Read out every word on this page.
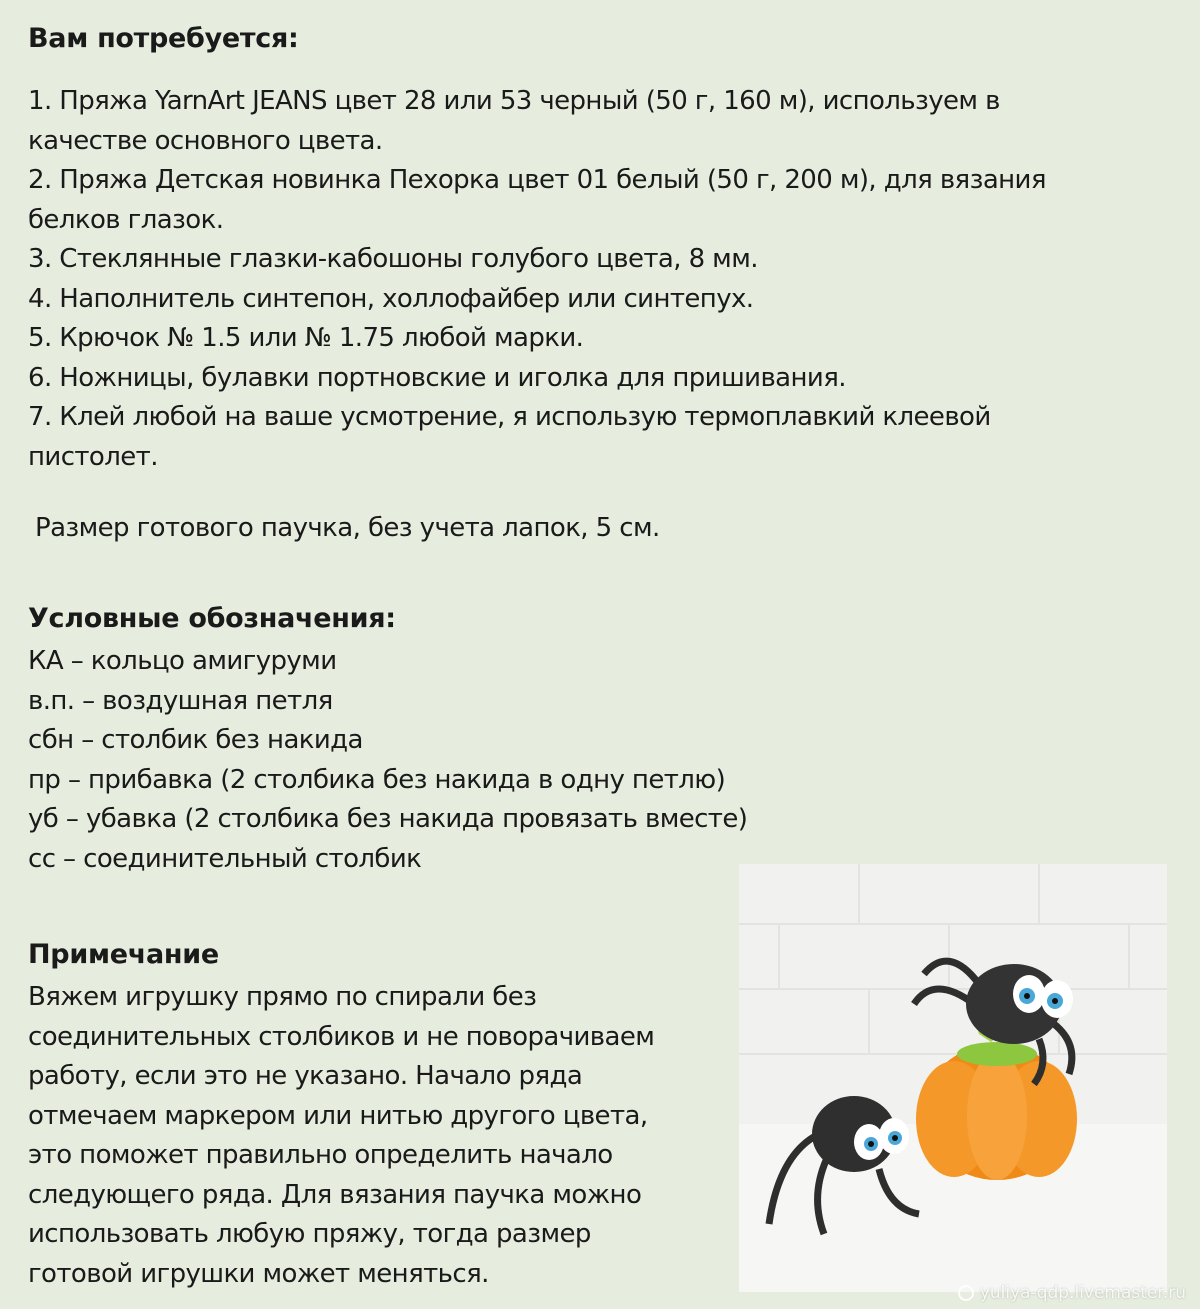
Вам потребуется:

1. Пряжа YarnArt JEANS цвет 28 или 53 черный (50 г, 160 м), используем в

качестве основного цвета.

2. Пряжа Детская новинка Пехорка цвет 01 белый (50 г, 200 м), для вязания

белков глазок.

3. Стеклянные глазки-кабошоны голубого цвета, 8 мм.

4. Наполнитель синтепон, холлофайбер или синтепух.

5. Крючок № 1.5 или № 1.75 любой марки.

6. Ножницы, булавки портновские и иголка для пришивания.

7. Клей любой на ваше усмотрение, я использую термоплавкий клеевой

пистолет.

Размер готового паучка, без учета лапок, 5 см.

Условные обозначения:

КА – кольцо амигуруми

в.п. – воздушная петля

сбн – столбик без накида

пр – прибавка (2 столбика без накида в одну петлю)

уб – убавка (2 столбика без накида провязать вместе)

сс – соединительный столбик

Примечание

Вяжем игрушку прямо по спирали без

соединительных столбиков и не поворачиваем

работу, если это не указано. Начало ряда

отмечаем маркером или нитью другого цвета,

это поможет правильно определить начало

следующего ряда. Для вязания паучка можно

использовать любую пряжу, тогда размер

готовой игрушки может меняться.

yuliya-qdp.livemaster.ru
